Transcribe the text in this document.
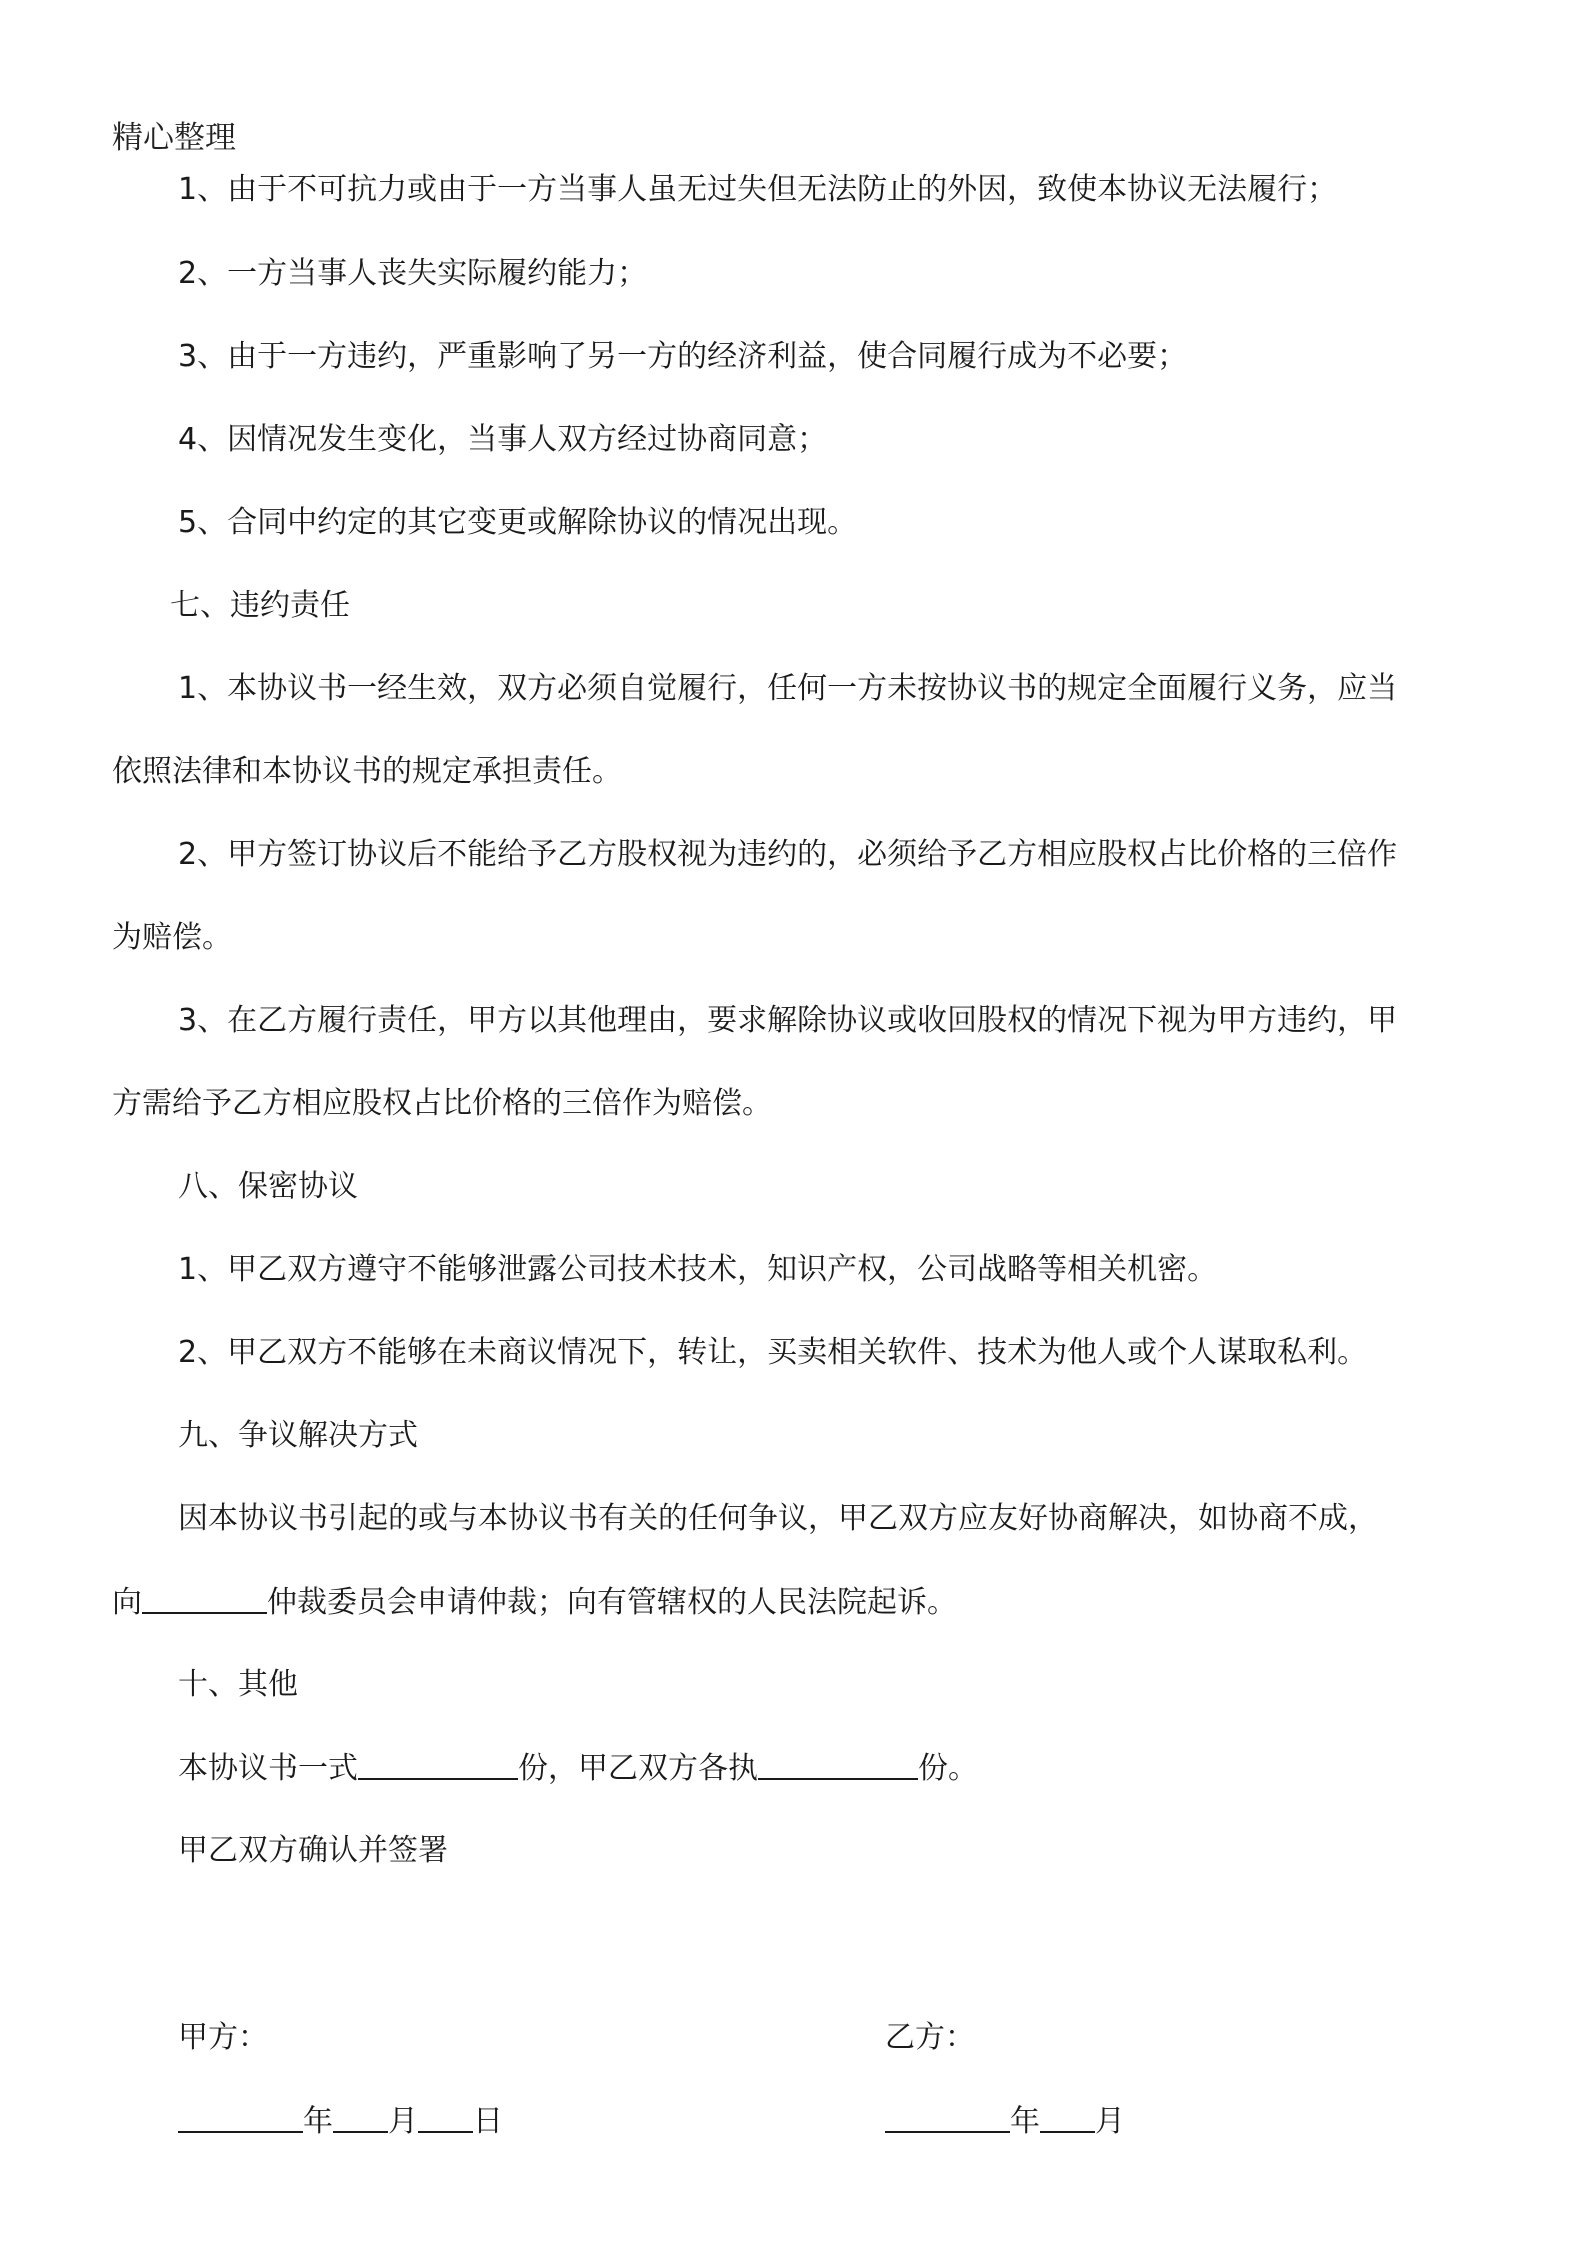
精心整理
1、由于不可抗力或由于一方当事人虽无过失但无法防止的外因，致使本协议无法履行；
2、一方当事人丧失实际履约能力；
3、由于一方违约，严重影响了另一方的经济利益，使合同履行成为不必要；
4、因情况发生变化，当事人双方经过协商同意；
5、合同中约定的其它变更或解除协议的情况出现。
七、违约责任
1、本协议书一经生效，双方必须自觉履行，任何一方未按协议书的规定全面履行义务，应当
依照法律和本协议书的规定承担责任。
2、甲方签订协议后不能给予乙方股权视为违约的，必须给予乙方相应股权占比价格的三倍作
为赔偿。
3、在乙方履行责任，甲方以其他理由，要求解除协议或收回股权的情况下视为甲方违约，甲
方需给予乙方相应股权占比价格的三倍作为赔偿。
八、保密协议
1、甲乙双方遵守不能够泄露公司技术技术，知识产权，公司战略等相关机密。
2、甲乙双方不能够在未商议情况下，转让，买卖相关软件、技术为他人或个人谋取私利。
九、争议解决方式
因本协议书引起的或与本协议书有关的任何争议，甲乙双方应友好协商解决，如协商不成，
向	仲裁委员会申请仲裁；向有管辖权的人民法院起诉。
十、其他
本协议书一式	份，甲乙双方各执	份。
甲乙双方确认并签署
甲方：	乙方：
年 月 日	年 月
